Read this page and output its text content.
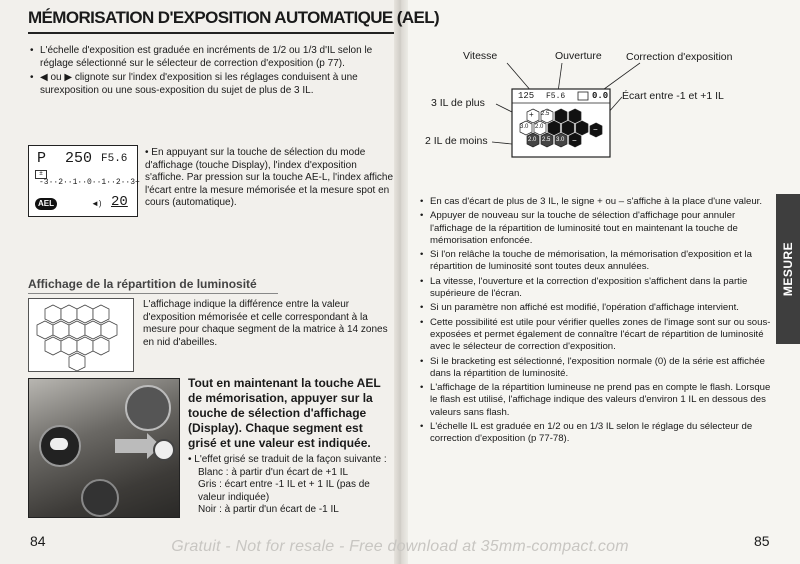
MÉMORISATION D'EXPOSITION AUTOMATIQUE (AEL)
• L'échelle d'exposition est graduée en incréments de 1/2 ou 1/3 d'IL selon le réglage sélectionné sur le sélecteur de correction d'exposition (p 77).
• ◀ ou ▶ clignote sur l'index d'exposition si les réglages conduisent à une surexposition ou une sous-exposition du sujet de plus de 3 IL.
P 250 F5.6
±
-3··2··1··0··1··2··3+
AEL	◄) 20
• En appuyant sur la touche de sélection du mode d'affichage (touche Display), l'index d'exposition s'affiche. Par pression sur la touche AE-L, l'index affiche l'écart entre la mesure mémorisée et la mesure spot en cours (automatique).
Affichage de la répartition de luminosité
L'affichage indique la différence entre la valeur d'exposition mémorisée et celle correspondant à la mesure pour chaque segment de la matrice à 14 zones en nid d'abeilles.
Tout en maintenant la touche AEL de mémorisation, appuyer sur la touche de sélection d'affichage (Display). Chaque segment est grisé et une valeur est indiquée.
• L'effet grisé se traduit de la façon suivante :
Blanc : à partir d'un écart de +1 IL
Gris : écart entre -1 IL et + 1 IL (pas de valeur indiquée)
Noir : à partir d'un écart de -1 IL
84
Vitesse	Ouverture Correction d'exposition
Écart entre -1 et +1 IL
3 IL de plus
2 IL de moins
125 F5.6	0.0
+ 2.5
3.0 2.0
2.0 2.5 3.0 −
−
• En cas d'écart de plus de 3 IL, le signe + ou – s'affiche à la place d'une valeur.
• Appuyer de nouveau sur la touche de sélection d'affichage pour annuler l'affichage de la répartition de luminosité tout en maintenant la touche de mémorisation enfoncée.
• Si l'on relâche la touche de mémorisation, la mémorisation d'exposition et la répartition de luminosité sont toutes deux annulées.
• La vitesse, l'ouverture et la correction d'exposition s'affichent dans la partie supérieure de l'écran.
• Si un paramètre non affiché est modifié, l'opération d'affichage intervient.
• Cette possibilité est utile pour vérifier quelles zones de l'image sont sur ou sous-exposées et permet également de connaître l'écart de répartition de luminosité avec le sélecteur de correction d'exposition.
• Si le bracketing est sélectionné, l'exposition normale (0) de la série est affichée dans la répartition de luminosité.
• L'affichage de la répartition lumineuse ne prend pas en compte le flash. Lorsque le flash est utilisé, l'affichage indique des valeurs d'environ 1 IL en dessous des valeurs sans flash.
• L'échelle IL est graduée en 1/2 ou en 1/3 IL selon le réglage du sélecteur de correction d'exposition (p 77-78).
MESURE
85
Gratuit - Not for resale - Free download at 35mm-compact.com
